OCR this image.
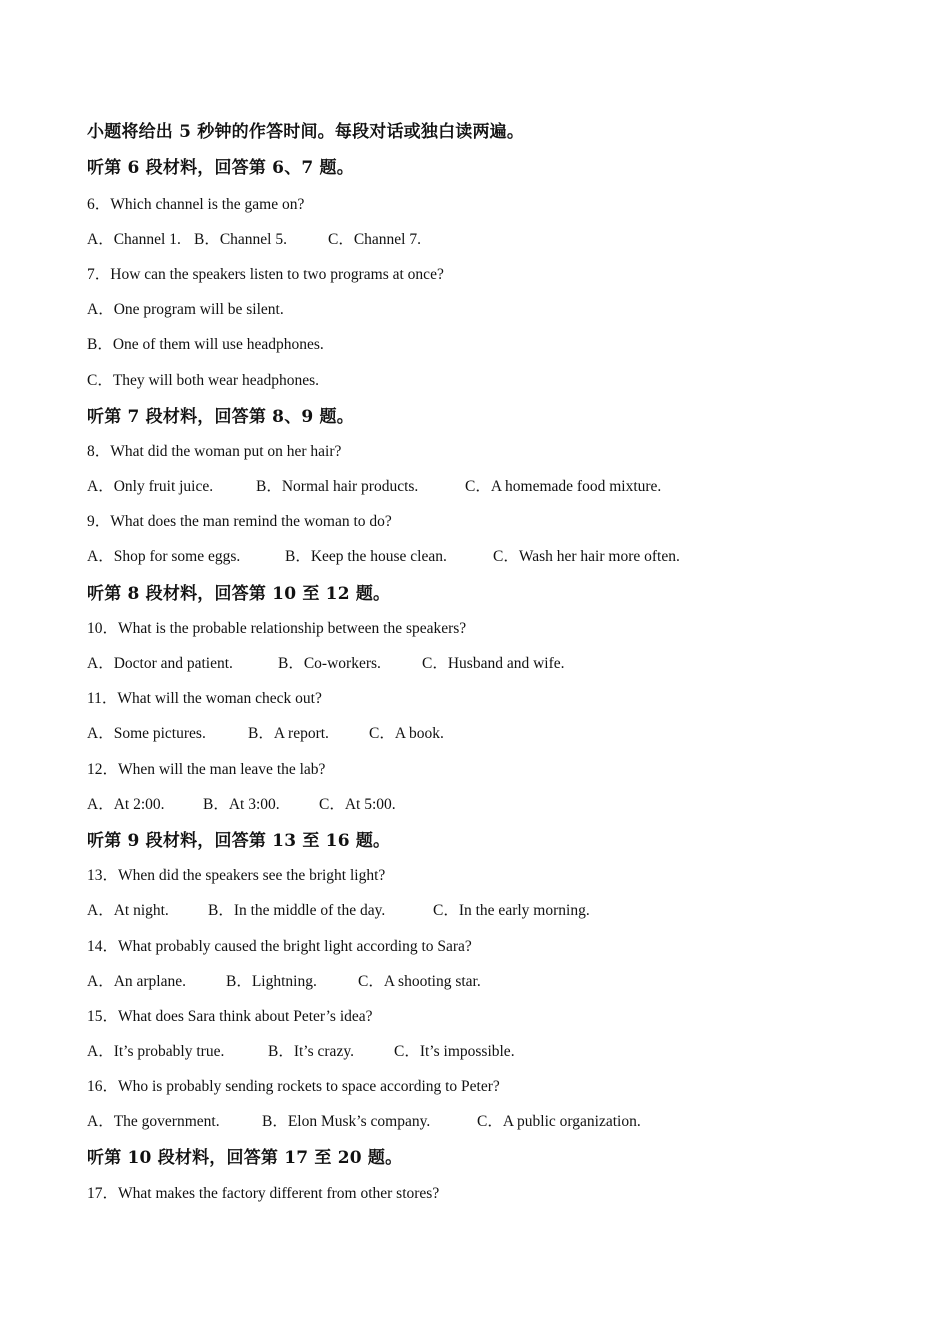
小题将给出 5 秒钟的作答时间。每段对话或独白读两遍。
听第 6 段材料，回答第 6、7 题。
6．Which channel is the game on?
A．Channel 1. B．Channel 5.	C．Channel 7.
7．How can the speakers listen to two programs at once?
A．One program will be silent.
B．One of them will use headphones.
C．They will both wear headphones.
听第 7 段材料，回答第 8、9 题。
8．What did the woman put on her hair?
A．Only fruit juice.	B．Normal hair products.	C．A homemade food mixture.
9．What does the man remind the woman to do?
A．Shop for some eggs.	B．Keep the house clean.	C．Wash her hair more often.
听第 8 段材料，回答第 10 至 12 题。
10．What is the probable relationship between the speakers?
A．Doctor and patient.	B．Co-workers.	C．Husband and wife.
11．What will the woman check out?
A．Some pictures.	B．A report.	C．A book.
12．When will the man leave the lab?
A．At 2:00. B．At 3:00.	C．At 5:00.
听第 9 段材料，回答第 13 至 16 题。
13．When did the speakers see the bright light?
A．At night.	B．In the middle of the day.	C．In the early morning.
14．What probably caused the bright light according to Sara?
A．An arplane.	B．Lightning.	C．A shooting star.
15．What does Sara think about Peter’s idea?
A．It’s probably true.	B．It’s crazy.	C．It’s impossible.
16．Who is probably sending rockets to space according to Peter?
A．The government.	B．Elon Musk’s company.	C．A public organization.
听第 10 段材料，回答第 17 至 20 题。
17．What makes the factory different from other stores?
